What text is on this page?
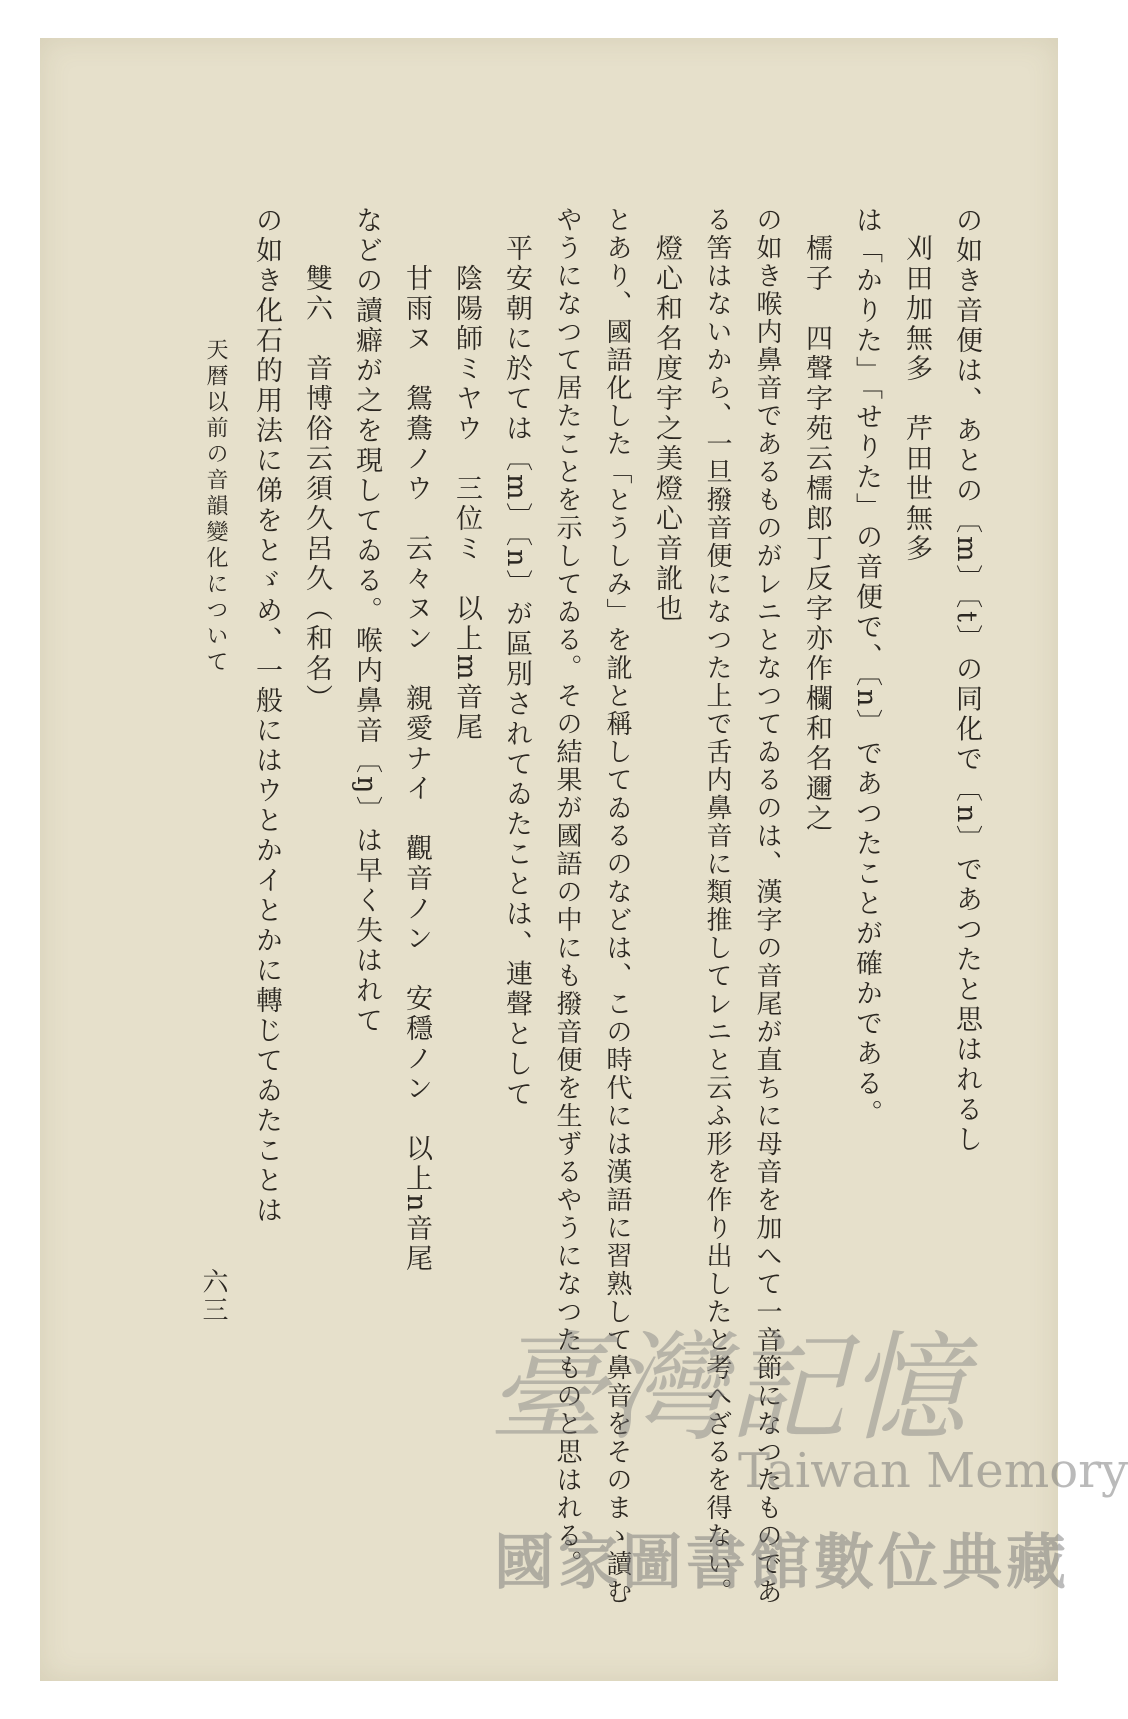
の如き音便は、あとの〔m〕〔t〕の同化で〔n〕であつたと思はれるし
刈田加無多　芹田世無多
は「かりた」「せりた」の音便で、〔n〕であつたことが確かである。
檽子　四聲字苑云檽郎丁反字亦作欄和名邇之
の如き喉内鼻音であるものがレニとなつてゐるのは、漢字の音尾が直ちに母音を加へて一音節になつたものであ
る筈はないから、一旦撥音便になつた上で舌内鼻音に類推してレニと云ふ形を作り出したと考へざるを得ない。
燈心和名度宇之美燈心音訛也
とあり、國語化した「とうしみ」を訛と稱してゐるのなどは、この時代には漢語に習熟して鼻音をそのまゝ讀む
やうになつて居たことを示してゐる。その結果が國語の中にも撥音便を生ずるやうになつたものと思はれる。
平安朝に於ては〔m〕〔n〕が區別されてゐたことは、連聲として
陰陽師ミヤウ　三位ミ　以上m音尾
甘雨ヌ　鴛鴦ノウ　云々ヌン　親愛ナイ　觀音ノン　安穩ノン　以上n音尾
などの讀癖が之を現してゐる。喉内鼻音〔ŋ〕は早く失はれて
雙六　音博俗云須久呂久（和名）
の如き化石的用法に俤をとゞめ、一般にはウとかイとかに轉じてゐたことは
天暦以前の音韻變化について
六三
臺灣記憶
Taiwan Memory
國家圖書館數位典藏
